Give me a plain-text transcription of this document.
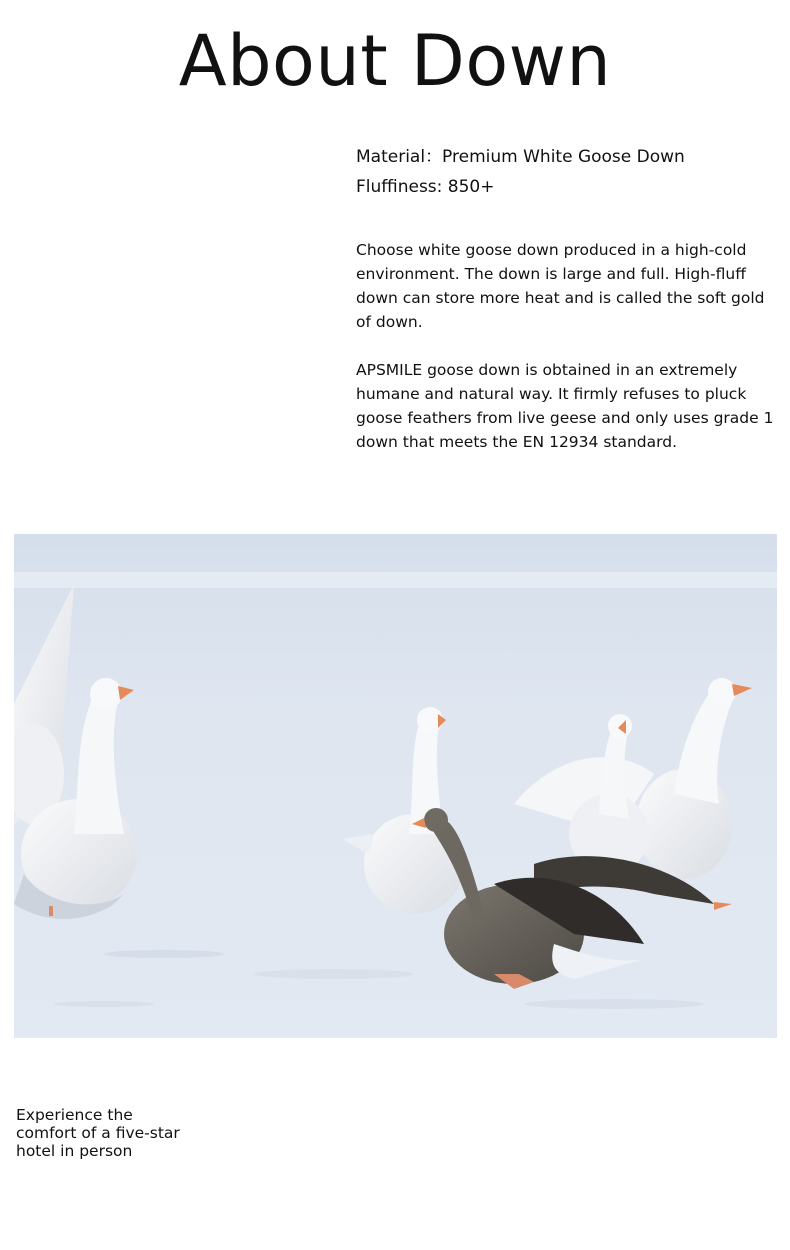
About Down
Material：Premium White Goose Down
Fluffiness: 850+

Choose white goose down produced in a high-cold environment. The down is large and full. High-fluff down can store more heat and is called the soft gold of down.

APSMILE goose down is obtained in an extremely humane and natural way. It firmly refuses to pluck goose feathers from live geese and only uses grade 1 down that meets the EN 12934 standard.

Experience the
comfort of a five-star
hotel in person
